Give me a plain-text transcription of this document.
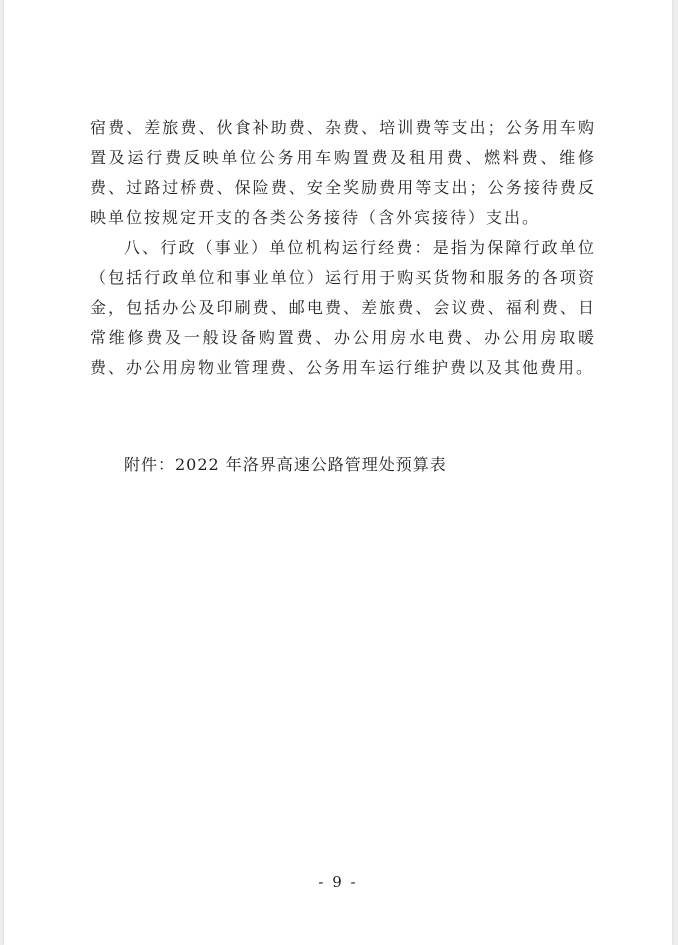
宿费、差旅费、伙食补助费、杂费、培训费等支出；公务用车购置及运行费反映单位公务用车购置费及租用费、燃料费、维修费、过路过桥费、保险费、安全奖励费用等支出；公务接待费反映单位按规定开支的各类公务接待（含外宾接待）支出。

八、行政（事业）单位机构运行经费：是指为保障行政单位（包括行政单位和事业单位）运行用于购买货物和服务的各项资金，包括办公及印刷费、邮电费、差旅费、会议费、福利费、日常维修费及一般设备购置费、办公用房水电费、办公用房取暖费、办公用房物业管理费、公务用车运行维护费以及其他费用。

附件：2022 年洛界高速公路管理处预算表
- 9 -
